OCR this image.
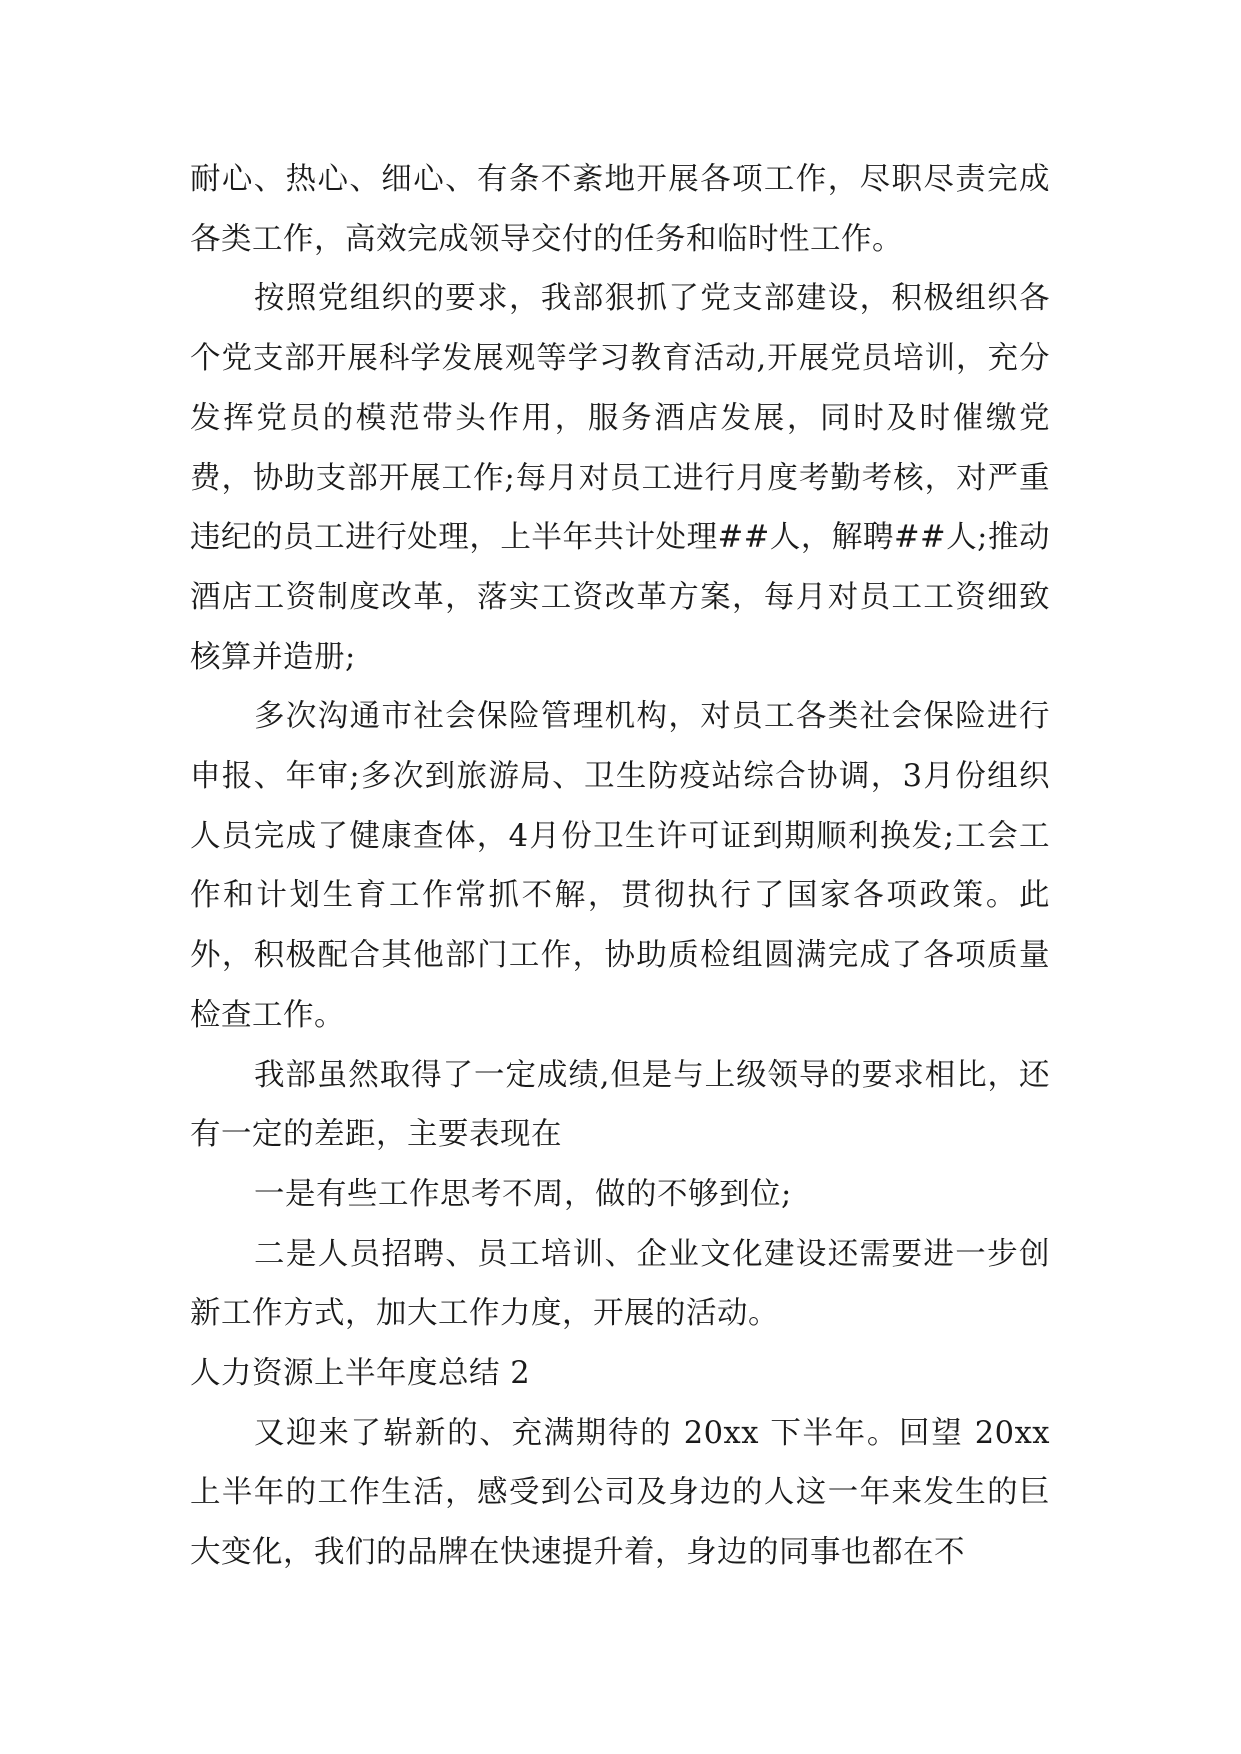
耐心、热心、细心、有条不紊地开展各项工作，尽职尽责完成各类工作，高效完成领导交付的任务和临时性工作。

按照党组织的要求，我部狠抓了党支部建设，积极组织各个党支部开展科学发展观等学习教育活动,开展党员培训，充分发挥党员的模范带头作用，服务酒店发展，同时及时催缴党费，协助支部开展工作;每月对员工进行月度考勤考核，对严重违纪的员工进行处理，上半年共计处理##人，解聘##人;推动酒店工资制度改革，落实工资改革方案，每月对员工工资细致核算并造册;

多次沟通市社会保险管理机构，对员工各类社会保险进行申报、年审;多次到旅游局、卫生防疫站综合协调，3月份组织人员完成了健康查体，4月份卫生许可证到期顺利换发;工会工作和计划生育工作常抓不解，贯彻执行了国家各项政策。此外，积极配合其他部门工作，协助质检组圆满完成了各项质量检查工作。

我部虽然取得了一定成绩,但是与上级领导的要求相比，还有一定的差距，主要表现在

一是有些工作思考不周，做的不够到位;

二是人员招聘、员工培训、企业文化建设还需要进一步创新工作方式，加大工作力度，开展的活动。

人力资源上半年度总结 2

又迎来了崭新的、充满期待的 20xx 下半年。回望 20xx 上半年的工作生活，感受到公司及身边的人这一年来发生的巨大变化，我们的品牌在快速提升着，身边的同事也都在不
